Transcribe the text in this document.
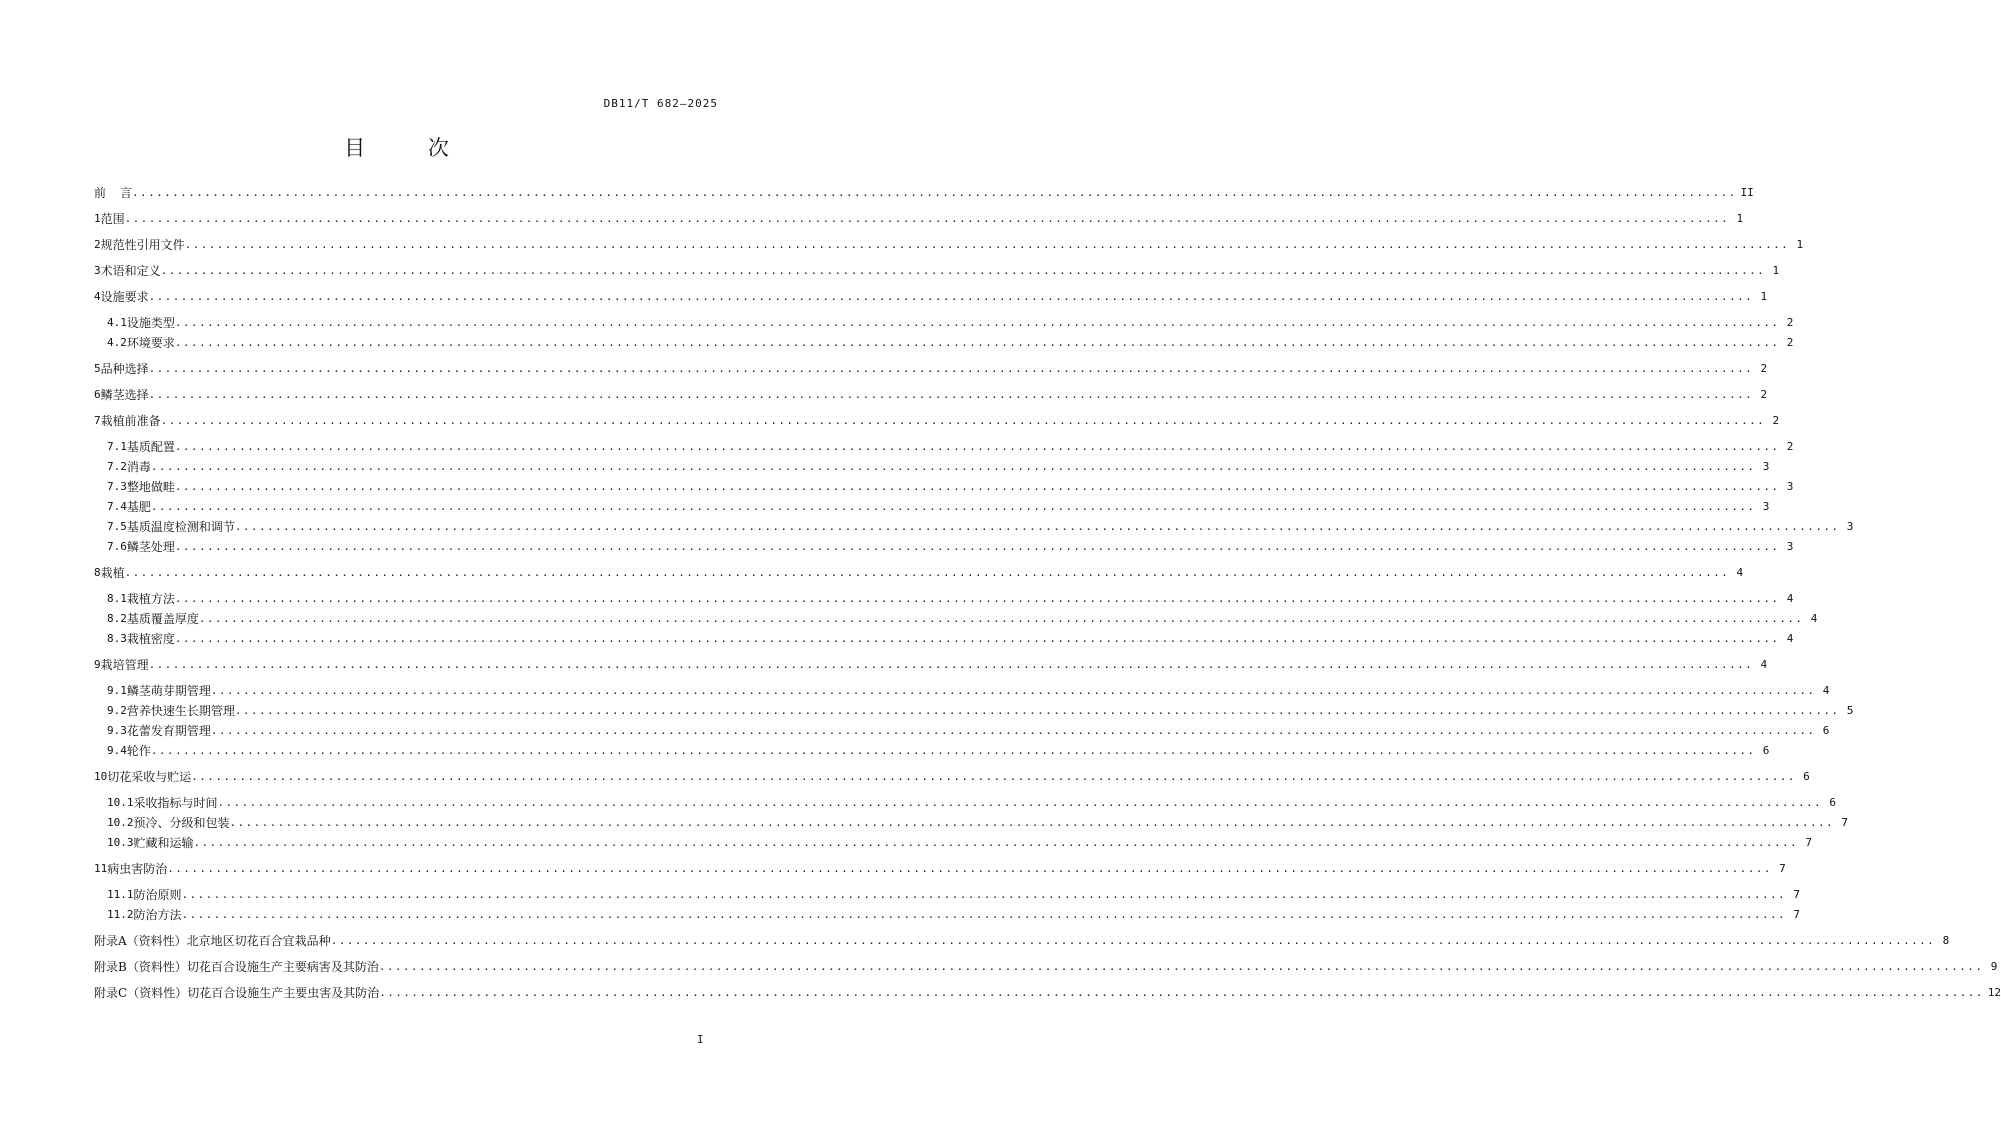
DB11/T 682—2025
目 次
前 言 ........................................................................................................................................................................................................ II
1 范围 ........................................................................................................................................................................................................ 1
2 规范性引用文件 ........................................................................................................................................................................................................ 1
3 术语和定义 ........................................................................................................................................................................................................ 1
4 设施要求 ........................................................................................................................................................................................................ 1
4.1 设施类型 ........................................................................................................................................................................................................ 2
4.2 环境要求 ........................................................................................................................................................................................................ 2
5 品种选择 ........................................................................................................................................................................................................ 2
6 鳞茎选择 ........................................................................................................................................................................................................ 2
7 栽植前准备 ........................................................................................................................................................................................................ 2
7.1 基质配置 ........................................................................................................................................................................................................ 2
7.2 消毒 ........................................................................................................................................................................................................ 3
7.3 整地做畦 ........................................................................................................................................................................................................ 3
7.4 基肥 ........................................................................................................................................................................................................ 3
7.5 基质温度检测和调节 ........................................................................................................................................................................................................ 3
7.6 鳞茎处理 ........................................................................................................................................................................................................ 3
8 栽植 ........................................................................................................................................................................................................ 4
8.1 栽植方法 ........................................................................................................................................................................................................ 4
8.2 基质覆盖厚度 ........................................................................................................................................................................................................ 4
8.3 栽植密度 ........................................................................................................................................................................................................ 4
9 栽培管理 ........................................................................................................................................................................................................ 4
9.1 鳞茎萌芽期管理 ........................................................................................................................................................................................................ 4
9.2 营养快速生长期管理 ........................................................................................................................................................................................................ 5
9.3 花蕾发育期管理 ........................................................................................................................................................................................................ 6
9.4 轮作 ........................................................................................................................................................................................................ 6
10 切花采收与贮运 ........................................................................................................................................................................................................ 6
10.1 采收指标与时间 ........................................................................................................................................................................................................ 6
10.2 预冷、分级和包装 ........................................................................................................................................................................................................ 7
10.3 贮藏和运输 ........................................................................................................................................................................................................ 7
11 病虫害防治 ........................................................................................................................................................................................................ 7
11.1 防治原则 ........................................................................................................................................................................................................ 7
11.2 防治方法 ........................................................................................................................................................................................................ 7
附录A （资料性）北京地区切花百合宜栽品种 ........................................................................................................................................................................................................ 8
附录B （资料性）切花百合设施生产主要病害及其防治 ........................................................................................................................................................................................................ 9
附录C （资料性）切花百合设施生产主要虫害及其防治 ........................................................................................................................................................................................................ 12
I
